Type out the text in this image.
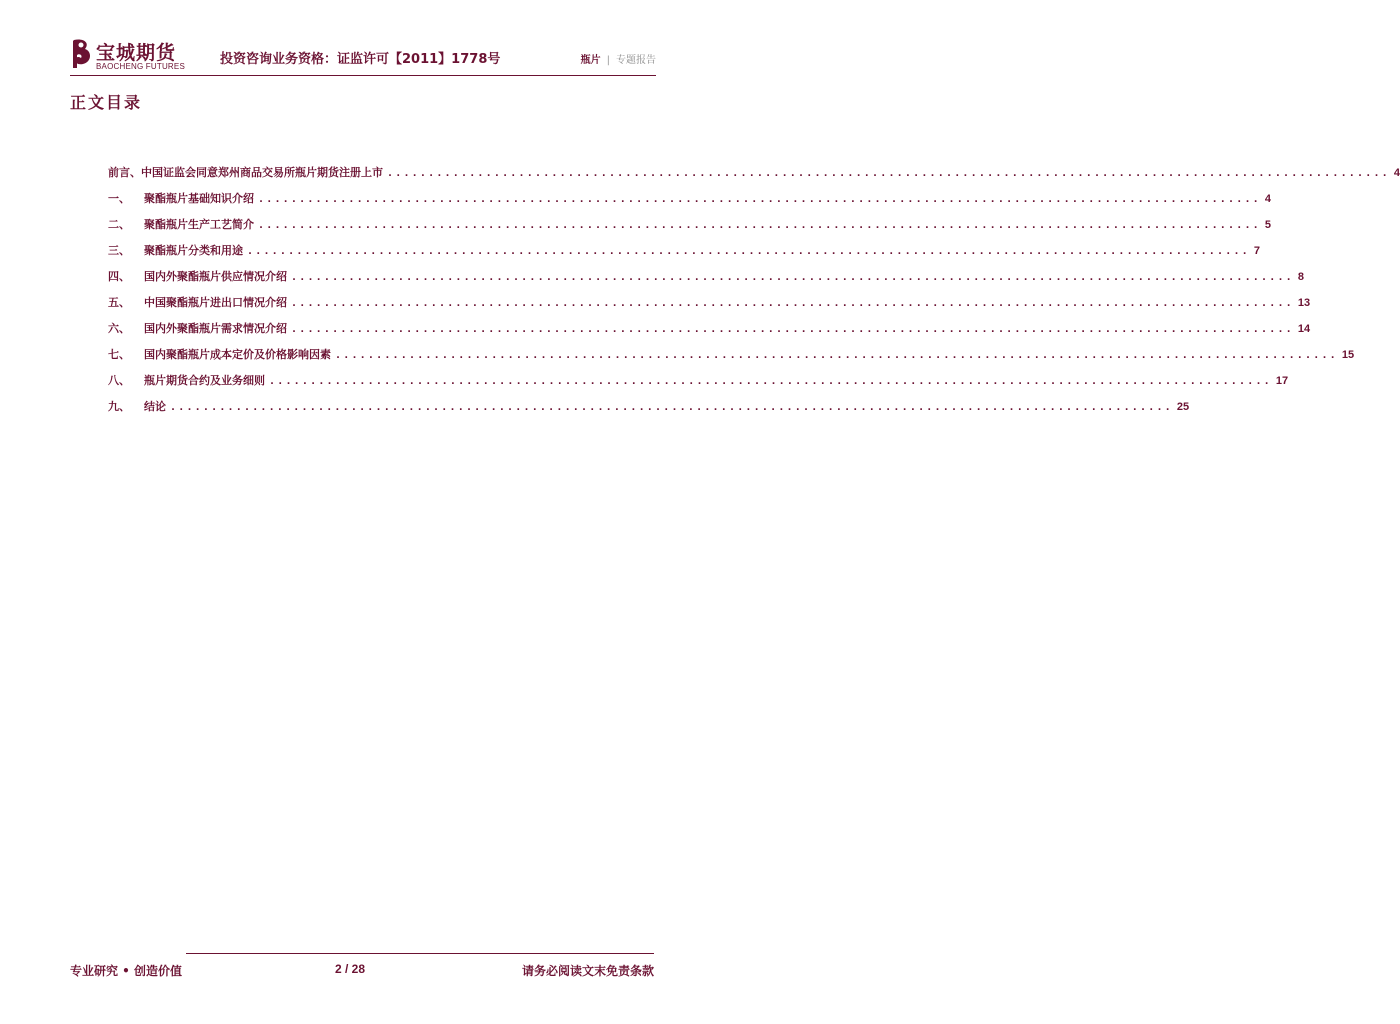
宝城期货
BAOCHENG FUTURES	投资咨询业务资格：证监许可【2011】1778号	瓶片 | 专题报告
正文目录
前言、中国证监会同意郑州商品交易所瓶片期货注册上市 .......................................................................................................................... 4
一、	聚酯瓶片基础知识介绍 .......................................................................................................................... 4
二、	聚酯瓶片生产工艺简介 .......................................................................................................................... 5
三、	聚酯瓶片分类和用途 .......................................................................................................................... 7
四、	国内外聚酯瓶片供应情况介绍 .......................................................................................................................... 8
五、	中国聚酯瓶片进出口情况介绍 .......................................................................................................................... 13
六、	国内外聚酯瓶片需求情况介绍 .......................................................................................................................... 14
七、	国内聚酯瓶片成本定价及价格影响因素 .......................................................................................................................... 15
八、	瓶片期货合约及业务细则 .......................................................................................................................... 17
九、	结论 .......................................................................................................................... 25
专业研究 • 创造价值	2 / 28	请务必阅读文末免责条款
